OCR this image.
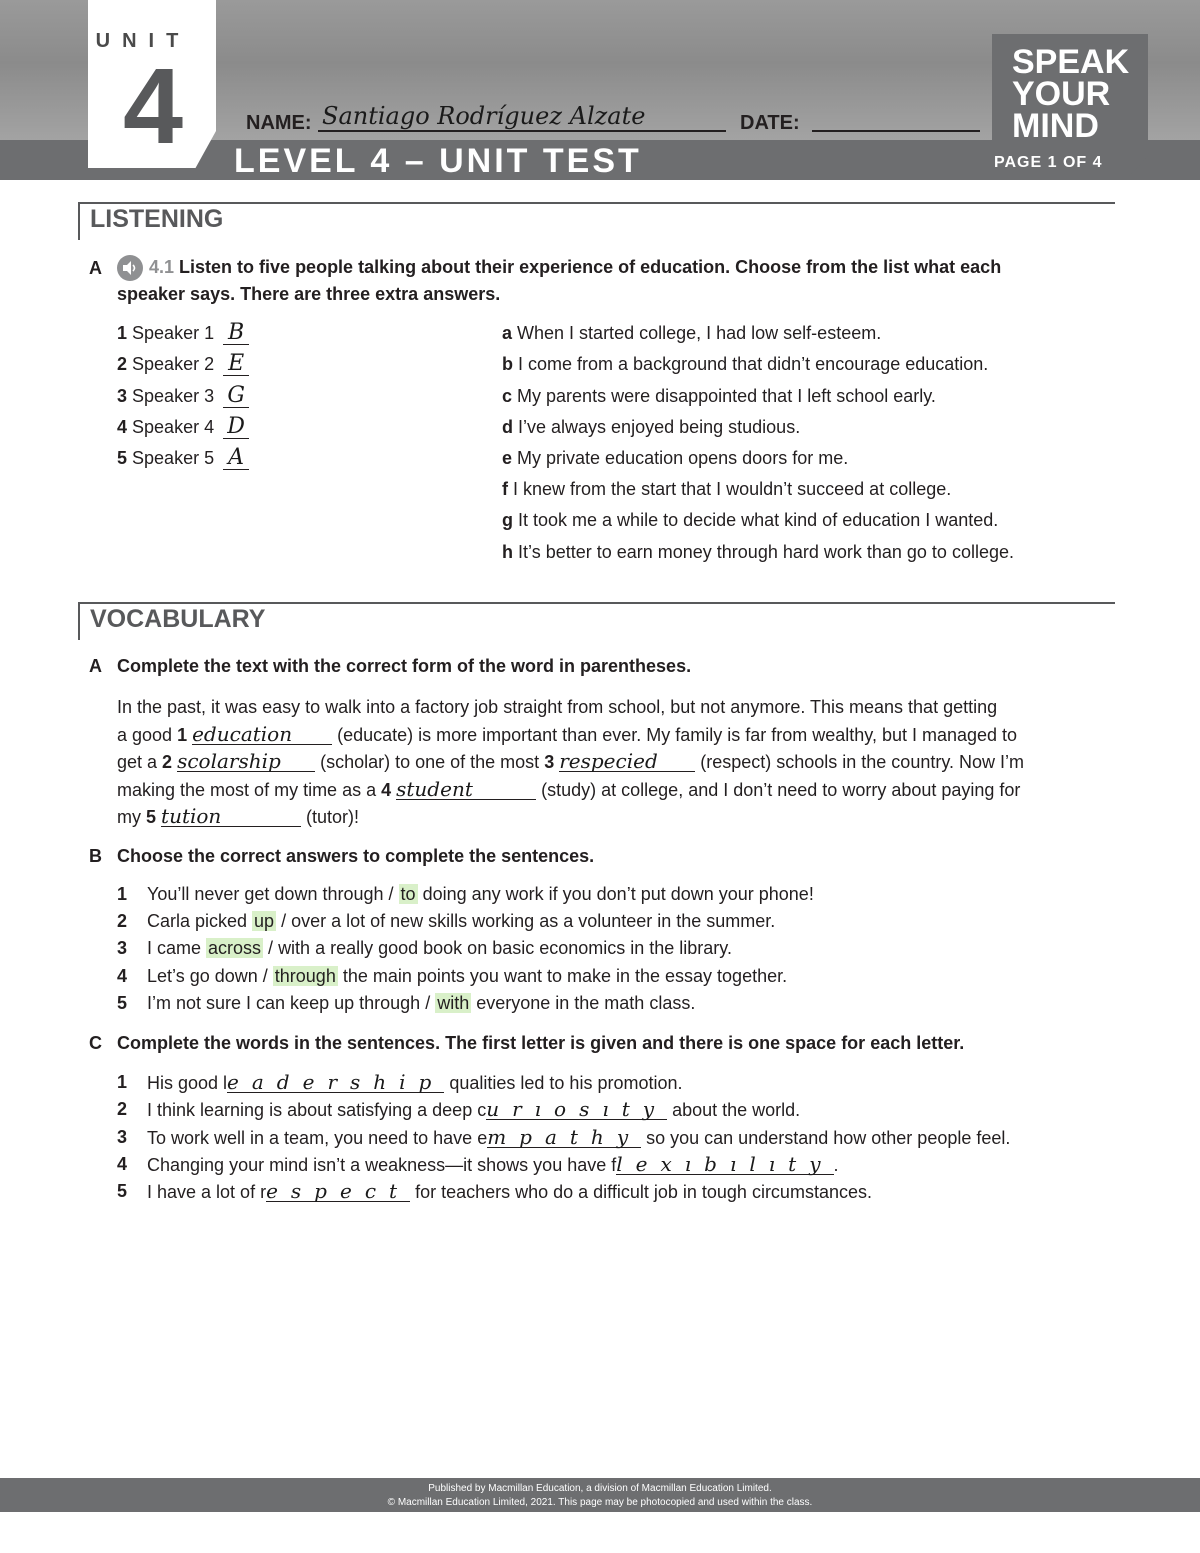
UNIT
4	NAME: Santiago Rodríguez Alzate	DATE:
LEVEL 4 – UNIT TEST
SPEAK
YOUR
MIND
PAGE 1 OF 4
LISTENING
A	4.1 Listen to five people talking about their experience of education. Choose from the list what each
speaker says. There are three extra answers.
1 Speaker 1 B
2 Speaker 2 E
3 Speaker 3 G
4 Speaker 4 D
5 Speaker 5 A
a When I started college, I had low self-esteem.
b I come from a background that didn’t encourage education.
c My parents were disappointed that I left school early.
d I’ve always enjoyed being studious.
e My private education opens doors for me.
f I knew from the start that I wouldn’t succeed at college.
g It took me a while to decide what kind of education I wanted.
h It’s better to earn money through hard work than go to college.
VOCABULARY
A Complete the text with the correct form of the word in parentheses.
In the past, it was easy to walk into a factory job straight from school, but not anymore. This means that getting
a good 1 education (educate) is more important than ever. My family is far from wealthy, but I managed to
get a 2 scolarship (scholar) to one of the most 3 respecied (respect) schools in the country. Now I’m
making the most of my time as a 4 student	(study) at college, and I don’t need to worry about paying for
my 5 tution	(tutor)!
B Choose the correct answers to complete the sentences.
1 You’ll never get down through / to doing any work if you don’t put down your phone!
2 Carla picked up / over a lot of new skills working as a volunteer in the summer.
3 I came across / with a really good book on basic economics in the library.
4 Let’s go down / through the main points you want to make in the essay together.
5 I’m not sure I can keep up through / with everyone in the math class.
C Complete the words in the sentences. The first letter is given and there is one space for each letter.
1 His good leadership qualities led to his promotion.
2 I think learning is about satisfying a deep curıosıty about the world.
3 To work well in a team, you need to have empathy so you can understand how other people feel.
4 Changing your mind isn’t a weakness—it shows you have flexıbılıty.
5 I have a lot of respect for teachers who do a difficult job in tough circumstances.
Published by Macmillan Education, a division of Macmillan Education Limited.
© Macmillan Education Limited, 2021. This page may be photocopied and used within the class.
